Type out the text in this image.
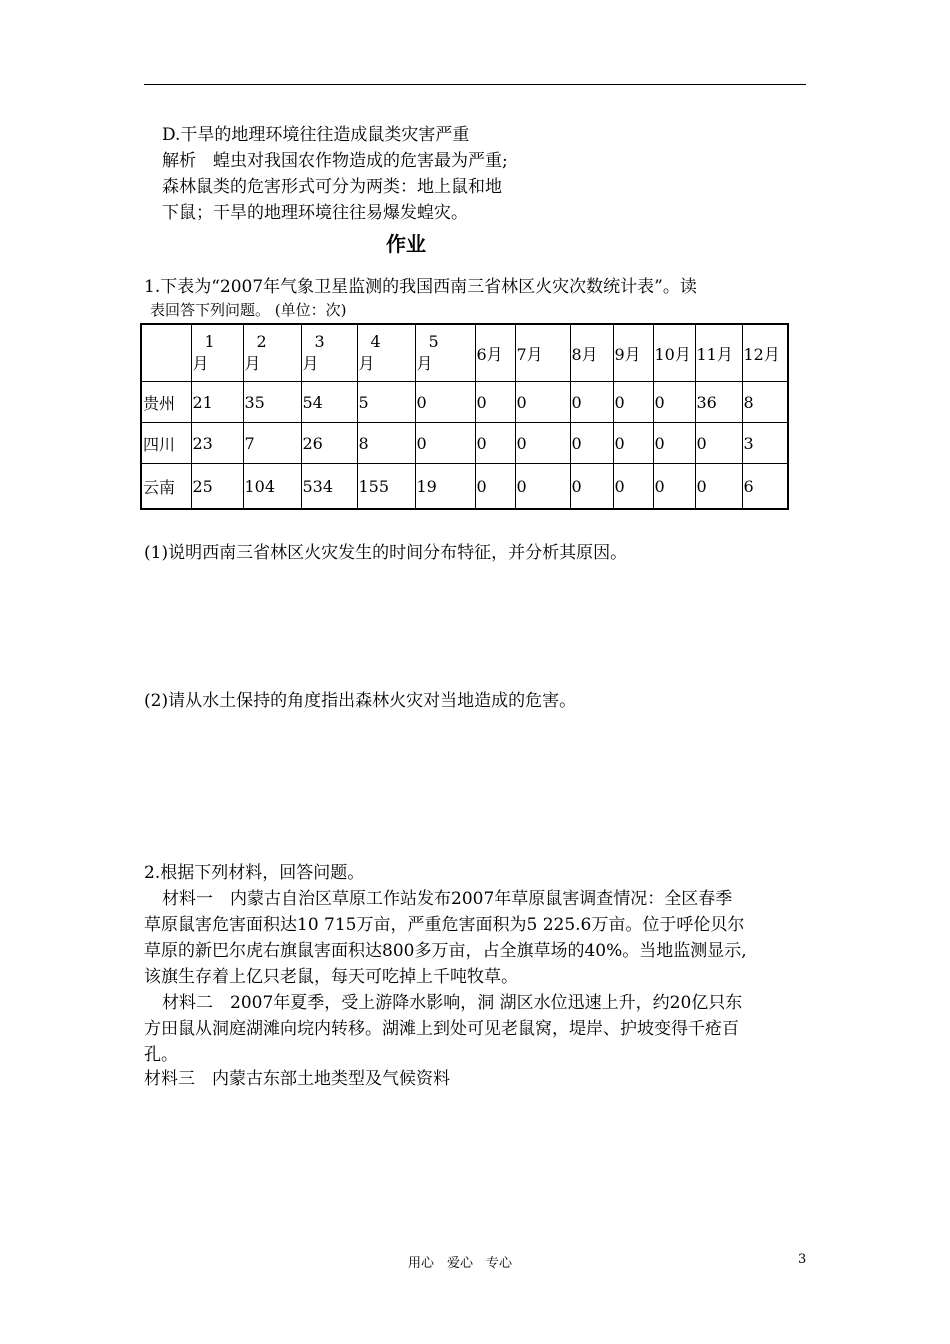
D.干旱的地理环境往往造成鼠类灾害严重
解析　蝗虫对我国农作物造成的危害最为严重;
森林鼠类的危害形式可分为两类：地上鼠和地
下鼠；干旱的地理环境往往易爆发蝗灾。
作业
1.下表为“2007年气象卫星监测的我国西南三省林区火灾次数统计表”。读
表回答下列问题。 (单位：次)

	1
月	2
月	3
月	4
月	5
月	6月	7月	8月	9月	10月	11月	12月
贵州	21	35	54	5	0	0	0	0	0	0	36	8
四川	23	7	26	8	0	0	0	0	0	0	0	3
云南	25	104	534	155	19	0	0	0	0	0	0	6
(1)说明西南三省林区火灾发生的时间分布特征，并分析其原因。
(2)请从水土保持的角度指出森林火灾对当地造成的危害。
2.根据下列材料，回答问题。
材料一　内蒙古自治区草原工作站发布2007年草原鼠害调查情况：全区春季
草原鼠害危害面积达10 715万亩，严重危害面积为5 225.6万亩。位于呼伦贝尔
草原的新巴尔虎右旗鼠害面积达800多万亩，占全旗草场的40%。当地监测显示,
该旗生存着上亿只老鼠，每天可吃掉上千吨牧草。
材料二　2007年夏季，受上游降水影响，洞 湖区水位迅速上升，约20亿只东
方田鼠从洞庭湖滩向垸内转移。湖滩上到处可见老鼠窝，堤岸、护坡变得千疮百
孔。
材料三　内蒙古东部土地类型及气候资料
用心　爱心　专心	3
